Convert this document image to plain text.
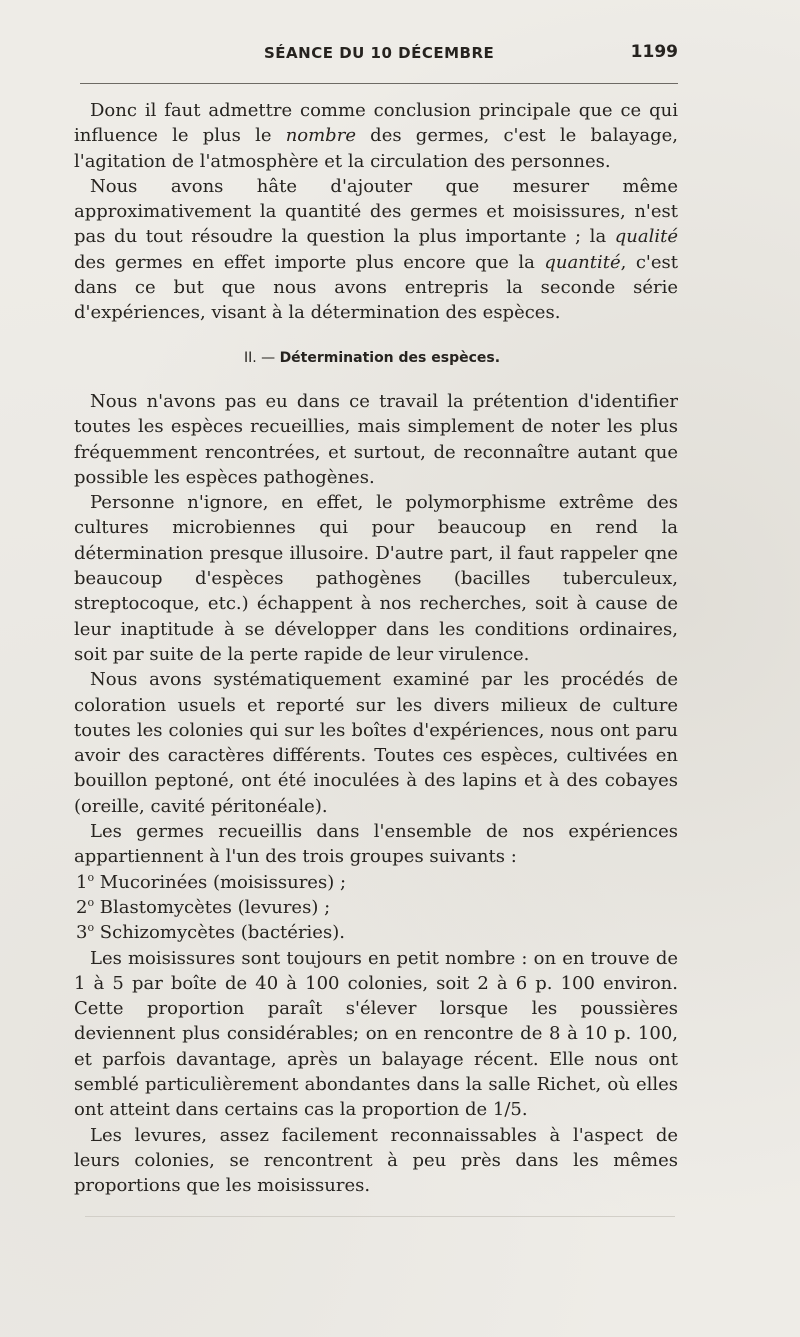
SÉANCE DU 10 DÉCEMBRE	1199

Donc il faut admettre comme conclusion principale que ce qui influence le plus le nombre des germes, c'est le balayage, l'agitation de l'atmosphère et la circulation des personnes.

Nous avons hâte d'ajouter que mesurer même approximativement la quantité des germes et moisissures, n'est pas du tout résoudre la question la plus importante ; la qualité des germes en effet importe plus encore que la quantité, c'est dans ce but que nous avons entrepris la seconde série d'expériences, visant à la détermination des espèces.

II. — Détermination des espèces.

Nous n'avons pas eu dans ce travail la prétention d'identifier toutes les espèces recueillies, mais simplement de noter les plus fréquemment rencontrées, et surtout, de reconnaître autant que possible les espèces pathogènes.

Personne n'ignore, en effet, le polymorphisme extrême des cultures microbiennes qui pour beaucoup en rend la détermination presque illusoire. D'autre part, il faut rappeler qne beaucoup d'espèces pathogènes (bacilles tuberculeux, streptocoque, etc.) échappent à nos recherches, soit à cause de leur inaptitude à se développer dans les conditions ordinaires, soit par suite de la perte rapide de leur virulence.

Nous avons systématiquement examiné par les procédés de coloration usuels et reporté sur les divers milieux de culture toutes les colonies qui sur les boîtes d'expériences, nous ont paru avoir des caractères différents. Toutes ces espèces, cultivées en bouillon peptoné, ont été inoculées à des lapins et à des cobayes (oreille, cavité péritonéale).

Les germes recueillis dans l'ensemble de nos expériences appartiennent à l'un des trois groupes suivants :

1$^o$ Mucorinées (moisissures) ;

2$^o$ Blastomycètes (levures) ;

3$^o$ Schizomycètes (bactéries).

Les moisissures sont toujours en petit nombre : on en trouve de 1 à 5 par boîte de 40 à 100 colonies, soit 2 à 6 p. 100 environ. Cette proportion paraît s'élever lorsque les poussières deviennent plus considérables; on en rencontre de 8 à 10 p. 100, et parfois davantage, après un balayage récent. Elle nous ont semblé particulièrement abondantes dans la salle Richet, où elles ont atteint dans certains cas la proportion de 1/5.

Les levures, assez facilement reconnaissables à l'aspect de leurs colonies, se rencontrent à peu près dans les mêmes proportions que les moisissures.
